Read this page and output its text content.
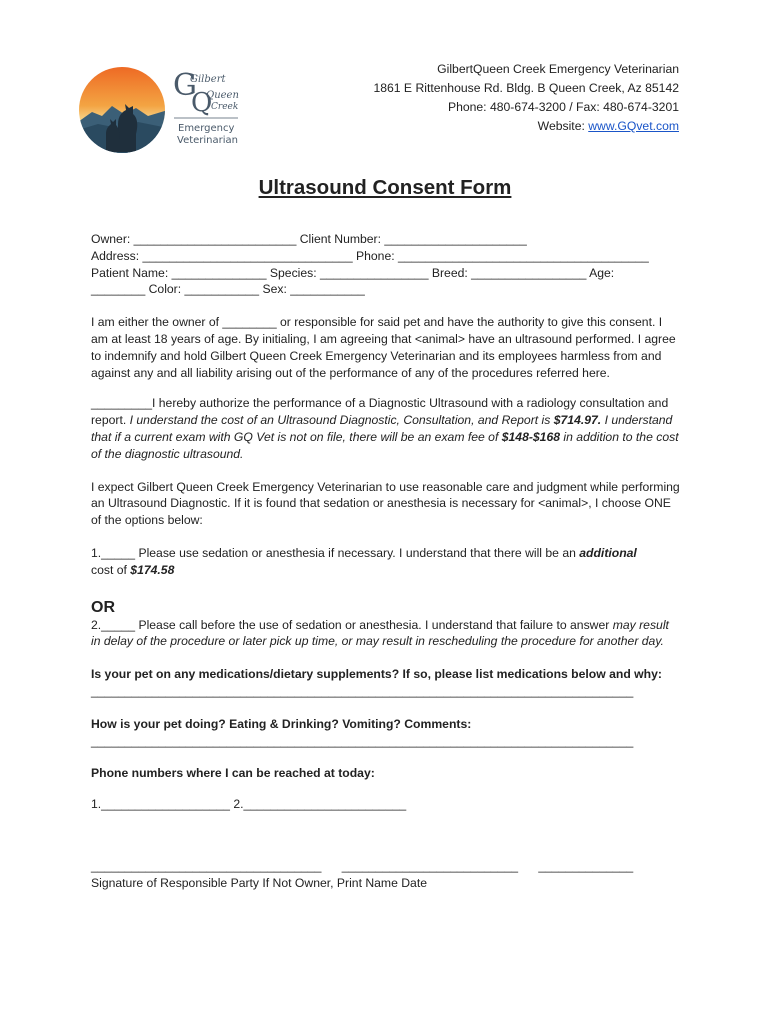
G
Gilbert
Q
Queen
Creek
Emergency
Veterinarian
GilbertQueen Creek Emergency Veterinarian
1861 E Rittenhouse Rd. Bldg. B Queen Creek, Az 85142
Phone: 480-674-3200 / Fax: 480-674-3201
Website: www.GQvet.com
Ultrasound Consent Form

Owner: ________________________ Client Number: _____________________

Address: _______________________________ Phone: _____________________________________

Patient Name: ______________ Species: ________________ Breed: _________________ Age:

________ Color: ___________ Sex: ___________

I am either the owner of ________ or responsible for said pet and have the authority to give this consent. I am at least 18 years of age. By initialing, I am agreeing that <animal> have an ultrasound performed. I agree to indemnify and hold Gilbert Queen Creek Emergency Veterinarian and its employees harmless from and against any and all liability arising out of the performance of any of the procedures referred here.

_________I hereby authorize the performance of a Diagnostic Ultrasound with a radiology consultation and report. I understand the cost of an Ultrasound Diagnostic, Consultation, and Report is $714.97. I understand that if a current exam with GQ Vet is not on file, there will be an exam fee of $148-$168 in addition to the cost of the diagnostic ultrasound.

I expect Gilbert Queen Creek Emergency Veterinarian to use reasonable care and judgment while performing an Ultrasound Diagnostic. If it is found that sedation or anesthesia is necessary for <animal>, I choose ONE of the options below:

1._____ Please use sedation or anesthesia if necessary. I understand that there will be an additional
cost of $174.58

OR

2._____ Please call before the use of sedation or anesthesia. I understand that failure to answer may result in delay of the procedure or later pick up time, or may result in rescheduling the procedure for another day.

Is your pet on any medications/dietary supplements? If so, please list medications below and why:

________________________________________________________________________________

How is your pet doing? Eating & Drinking? Vomiting? Comments:

________________________________________________________________________________

Phone numbers where I can be reached at today:

1.___________________ 2.________________________

__________________________________      __________________________      ______________

Signature of Responsible Party If Not Owner, Print Name Date
